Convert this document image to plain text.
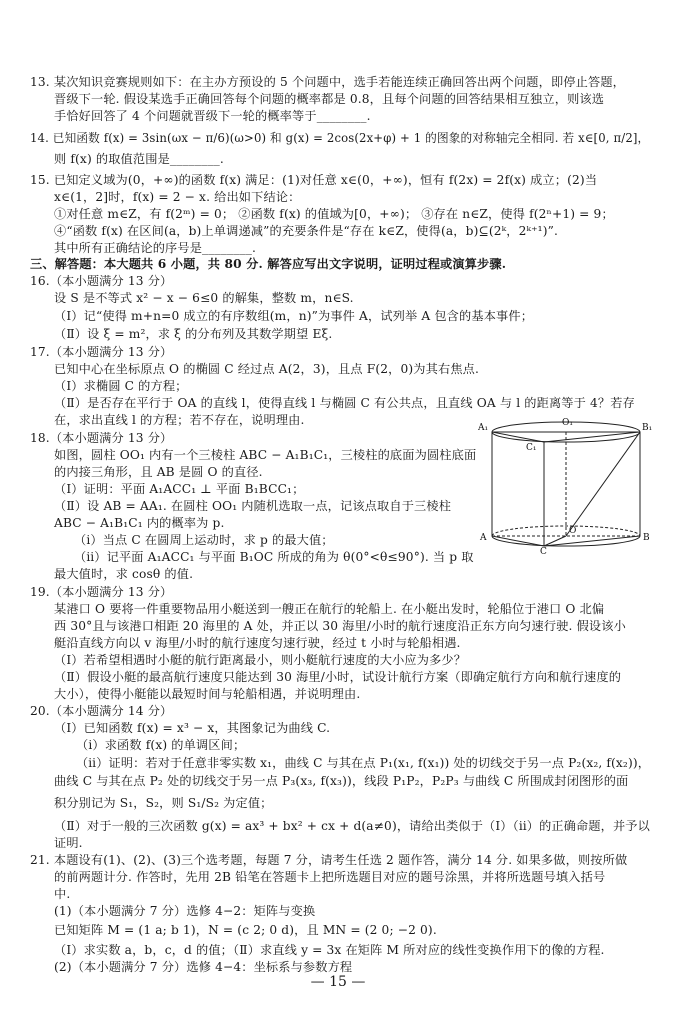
13. 某次知识竞赛规则如下：在主办方预设的 5 个问题中，选手若能连续正确回答出两个问题，即停止答题，
晋级下一轮. 假设某选手正确回答每个问题的概率都是 0.8，且每个问题的回答结果相互独立，则该选
手恰好回答了 4 个问题就晋级下一轮的概率等于________.
14. 已知函数 f(x) = 3sin(ωx − π/6)(ω>0) 和 g(x) = 2cos(2x+φ) + 1 的图象的对称轴完全相同. 若 x∈[0, π/2]，
则 f(x) 的取值范围是________.
15. 已知定义域为(0，+∞)的函数 f(x) 满足：(1)对任意 x∈(0，+∞)，恒有 f(2x) = 2f(x) 成立；(2)当
x∈(1，2]时，f(x) = 2 − x. 给出如下结论：
①对任意 m∈Z，有 f(2ᵐ) = 0； ②函数 f(x) 的值域为[0，+∞)； ③存在 n∈Z，使得 f(2ⁿ+1) = 9；
④“函数 f(x) 在区间(a，b)上单调递减”的充要条件是“存在 k∈Z，使得(a，b)⊆(2ᵏ，2ᵏ⁺¹)”.
其中所有正确结论的序号是________.
三、解答题：本大题共 6 小题，共 80 分. 解答应写出文字说明，证明过程或演算步骤.
16.（本小题满分 13 分）
设 S 是不等式 x² − x − 6≤0 的解集，整数 m，n∈S.
（Ⅰ）记“使得 m+n=0 成立的有序数组(m，n)”为事件 A，试列举 A 包含的基本事件；
（Ⅱ）设 ξ = m²，求 ξ 的分布列及其数学期望 Eξ.
17.（本小题满分 13 分）
已知中心在坐标原点 O 的椭圆 C 经过点 A(2，3)，且点 F(2，0)为其右焦点.
（Ⅰ）求椭圆 C 的方程；
（Ⅱ）是否存在平行于 OA 的直线 l，使得直线 l 与椭圆 C 有公共点，且直线 OA 与 l 的距离等于 4？若存
在，求出直线 l 的方程；若不存在，说明理由.
18.（本小题满分 13 分）
如图，圆柱 OO₁ 内有一个三棱柱 ABC − A₁B₁C₁，三棱柱的底面为圆柱底面
的内接三角形，且 AB 是圆 O 的直径.
（Ⅰ）证明：平面 A₁ACC₁ ⊥ 平面 B₁BCC₁；
（Ⅱ）设 AB = AA₁. 在圆柱 OO₁ 内随机选取一点，记该点取自于三棱柱
ABC − A₁B₁C₁ 内的概率为 p.
（ⅰ）当点 C 在圆周上运动时，求 p 的最大值；
（ⅱ）记平面 A₁ACC₁ 与平面 B₁OC 所成的角为 θ(0°<θ≤90°). 当 p 取
最大值时，求 cosθ 的值.
19.（本小题满分 13 分）
某港口 O 要将一件重要物品用小艇送到一艘正在航行的轮船上. 在小艇出发时，轮船位于港口 O 北偏
西 30°且与该港口相距 20 海里的 A 处，并正以 30 海里/小时的航行速度沿正东方向匀速行驶. 假设该小
艇沿直线方向以 v 海里/小时的航行速度匀速行驶，经过 t 小时与轮船相遇.
（Ⅰ）若希望相遇时小艇的航行距离最小，则小艇航行速度的大小应为多少？
（Ⅱ）假设小艇的最高航行速度只能达到 30 海里/小时，试设计航行方案（即确定航行方向和航行速度的
大小），使得小艇能以最短时间与轮船相遇，并说明理由.
20.（本小题满分 14 分）
（Ⅰ）已知函数 f(x) = x³ − x，其图象记为曲线 C.
（ⅰ）求函数 f(x) 的单调区间；
（ⅱ）证明：若对于任意非零实数 x₁，曲线 C 与其在点 P₁(x₁, f(x₁)) 处的切线交于另一点 P₂(x₂, f(x₂))，
曲线 C 与其在点 P₂ 处的切线交于另一点 P₃(x₃, f(x₃))，线段 P₁P₂，P₂P₃ 与曲线 C 所围成封闭图形的面
积分别记为 S₁，S₂，则 S₁/S₂ 为定值；
（Ⅱ）对于一般的三次函数 g(x) = ax³ + bx² + cx + d(a≠0)，请给出类似于（Ⅰ）（ⅱ）的正确命题，并予以
证明.
21. 本题设有(1)、(2)、(3)三个选考题，每题 7 分，请考生任选 2 题作答，满分 14 分. 如果多做，则按所做
的前两题计分. 作答时，先用 2B 铅笔在答题卡上把所选题目对应的题号涂黑，并将所选题号填入括号
中.
(1)（本小题满分 7 分）选修 4−2：矩阵与变换
已知矩阵 M = (1 a; b 1)，N = (c 2; 0 d)，且 MN = (2 0; −2 0).
（Ⅰ）求实数 a，b，c，d 的值；（Ⅱ）求直线 y = 3x 在矩阵 M 所对应的线性变换作用下的像的方程.
(2)（本小题满分 7 分）选修 4−4：坐标系与参数方程
A₁	O₁	B₁
C₁
A
O
B
C
— 15 —
